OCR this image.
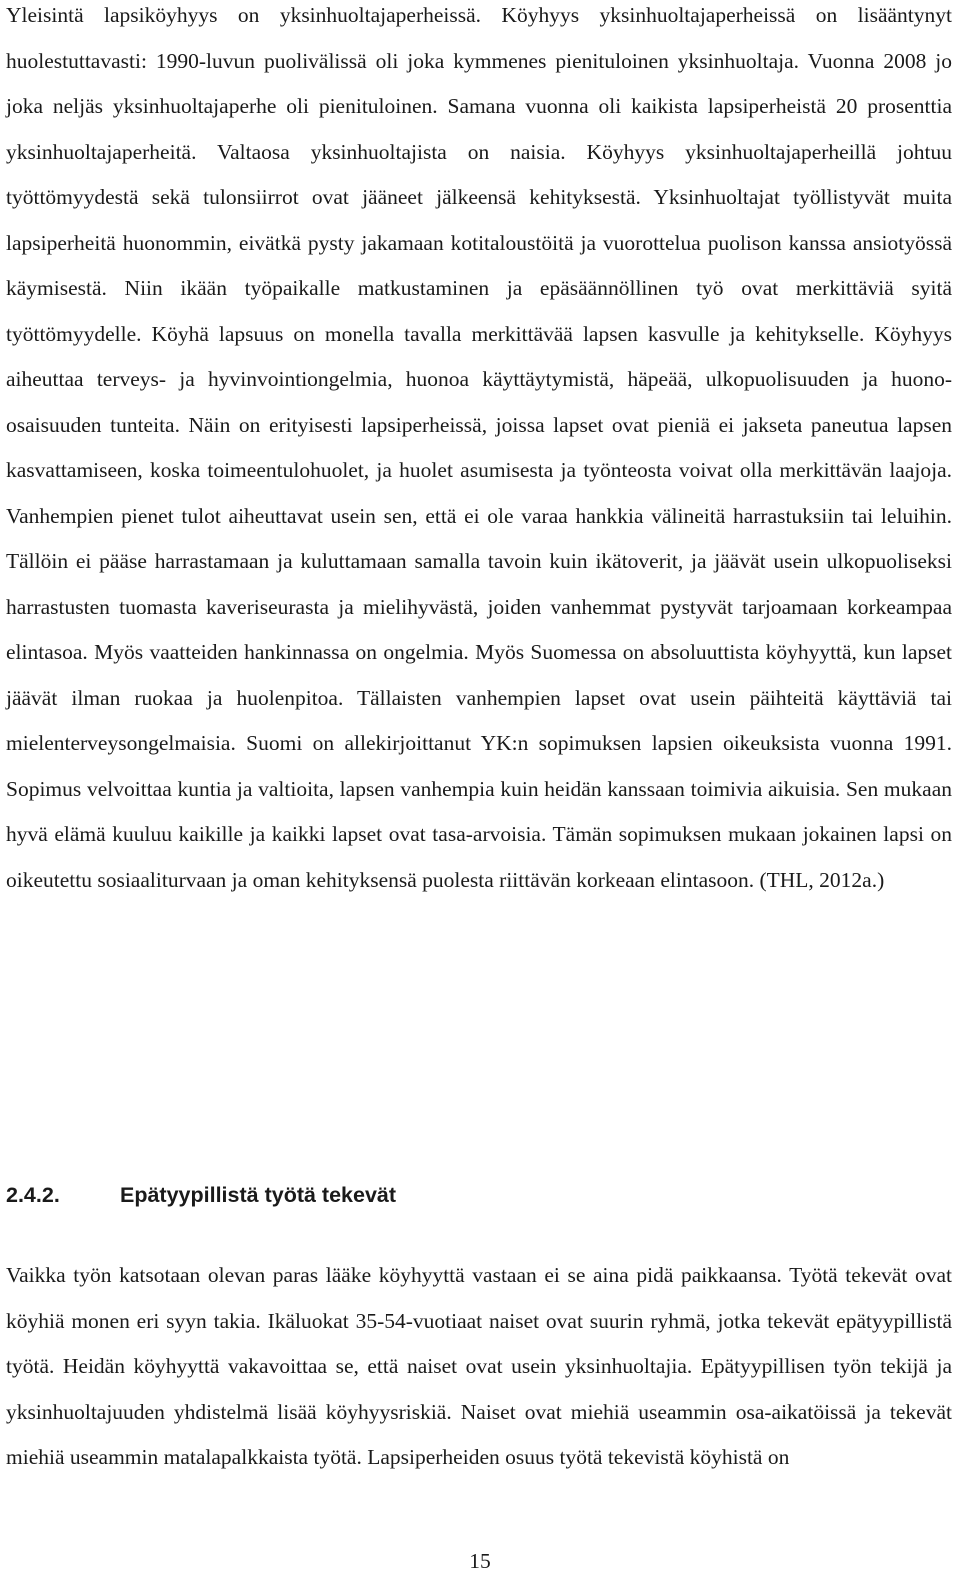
Yleisintä lapsiköyhyys on yksinhuoltajaperheissä. Köyhyys yksinhuoltajaperheissä on lisääntynyt huolestuttavasti: 1990-luvun puolivälissä oli joka kymmenes pienituloinen yksinhuoltaja. Vuonna 2008 jo joka neljäs yksinhuoltajaperhe oli pienituloinen. Samana vuonna oli kaikista lapsiperheistä 20 prosenttia yksinhuoltajaperheitä. Valtaosa yksinhuoltajista on naisia. Köyhyys yksinhuoltajaperheillä johtuu työttömyydestä sekä tulonsiirrot ovat jääneet jälkeensä kehityksestä. Yksinhuoltajat työllistyvät muita lapsiperheitä huonommin, eivätkä pysty jakamaan kotitaloustöitä ja vuorottelua puolison kanssa ansiotyössä käymisestä. Niin ikään työpaikalle matkustaminen ja epäsäännöllinen työ ovat merkittäviä syitä työttömyydelle. Köyhä lapsuus on monella tavalla merkittävää lapsen kasvulle ja kehitykselle. Köyhyys aiheuttaa terveys- ja hyvinvointiongelmia, huonoa käyttäytymistä, häpeää, ulkopuolisuuden ja huono-osaisuuden tunteita. Näin on erityisesti lapsiperheissä, joissa lapset ovat pieniä ei jakseta paneutua lapsen kasvattamiseen, koska toimeentulohuolet, ja huolet asumisesta ja työnteosta voivat olla merkittävän laajoja. Vanhempien pienet tulot aiheuttavat usein sen, että ei ole varaa hankkia välineitä harrastuksiin tai leluihin. Tällöin ei pääse harrastamaan ja kuluttamaan samalla tavoin kuin ikätoverit, ja jäävät usein ulkopuoliseksi harrastusten tuomasta kaveriseurasta ja mielihyvästä, joiden vanhemmat pystyvät tarjoamaan korkeampaa elintasoa. Myös vaatteiden hankinnassa on ongelmia. Myös Suomessa on absoluuttista köyhyyttä, kun lapset jäävät ilman ruokaa ja huolenpitoa. Tällaisten vanhempien lapset ovat usein päihteitä käyttäviä tai mielenterveysongelmaisia. Suomi on allekirjoittanut YK:n sopimuksen lapsien oikeuksista vuonna 1991. Sopimus velvoittaa kuntia ja valtioita, lapsen vanhempia kuin heidän kanssaan toimivia aikuisia. Sen mukaan hyvä elämä kuuluu kaikille ja kaikki lapset ovat tasa-arvoisia. Tämän sopimuksen mukaan jokainen lapsi on oikeutettu sosiaaliturvaan ja oman kehityksensä puolesta riittävän korkeaan elintasoon. (THL, 2012a.)

2.4.2.	Epätyypillistä työtä tekevät

Vaikka työn katsotaan olevan paras lääke köyhyyttä vastaan ei se aina pidä paikkaansa. Työtä tekevät ovat köyhiä monen eri syyn takia. Ikäluokat 35-54-vuotiaat naiset ovat suurin ryhmä, jotka tekevät epätyypillistä työtä. Heidän köyhyyttä vakavoittaa se, että naiset ovat usein yksinhuoltajia. Epätyypillisen työn tekijä ja yksinhuoltajuuden yhdistelmä lisää köyhyysriskiä. Naiset ovat miehiä useammin osa-aikatöissä ja tekevät miehiä useammin matalapalkkaista työtä. Lapsiperheiden osuus työtä tekevistä köyhistä on

15
